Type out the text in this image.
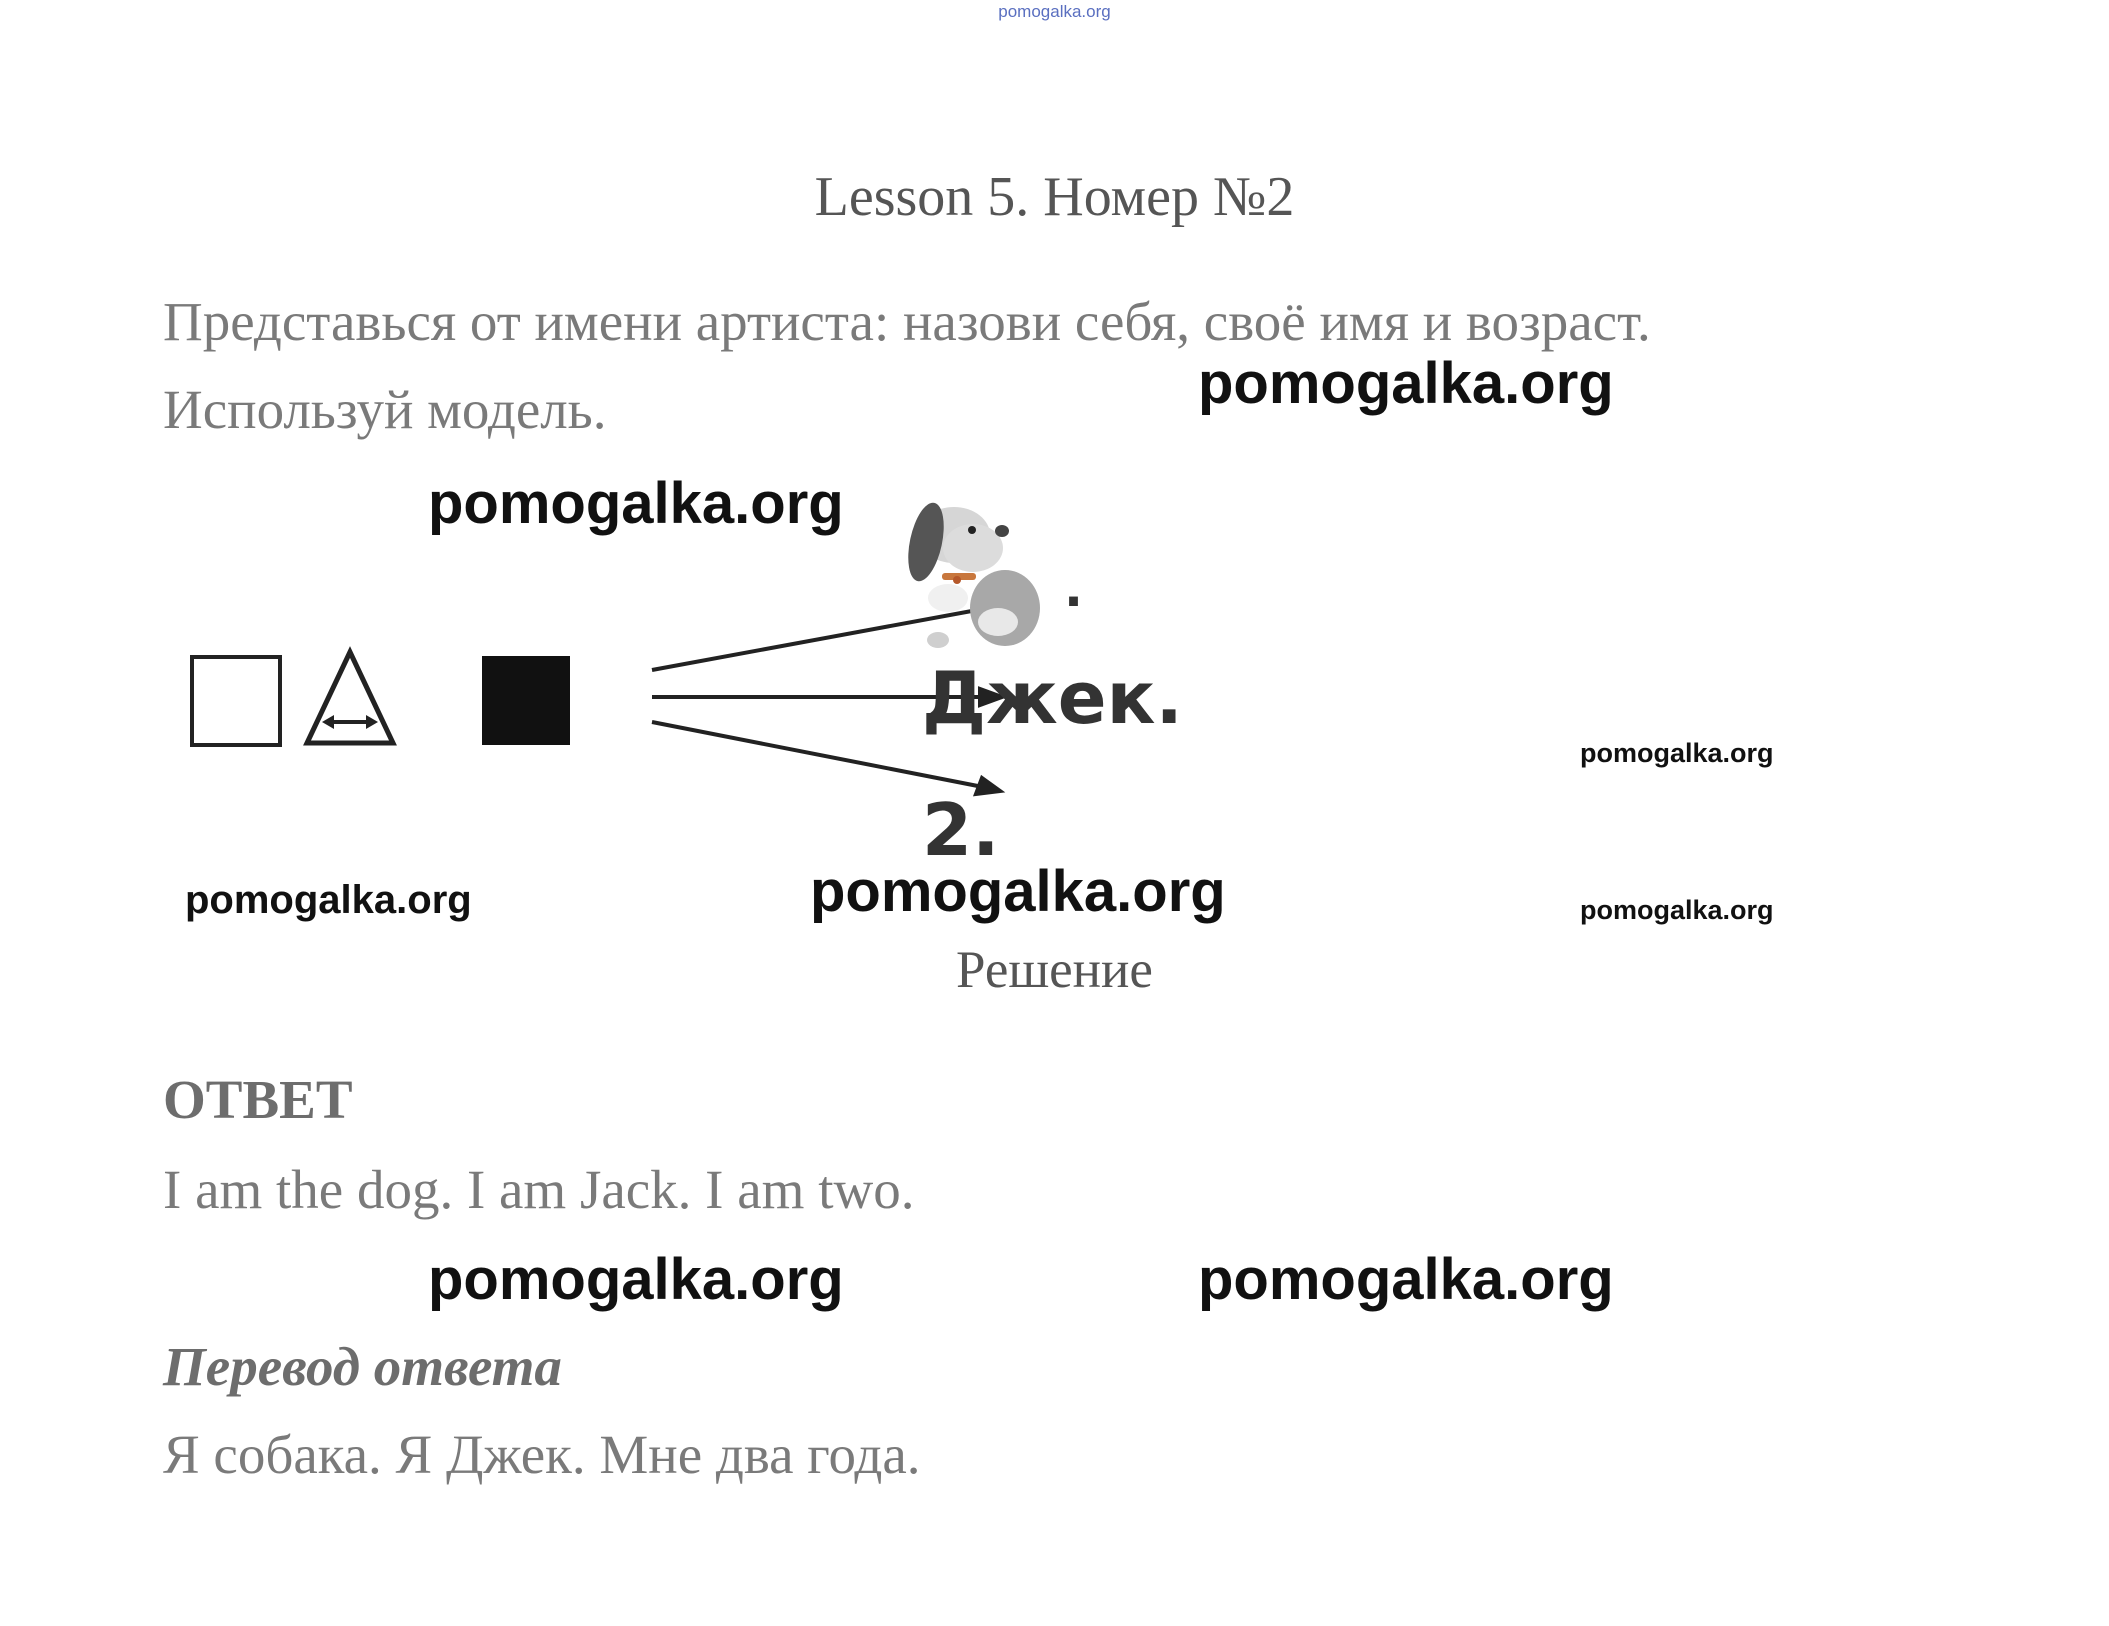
pomogalka.org
Lesson 5. Номер №2
Представься от имени артиста: назови себя, своё имя и возраст.
Используй модель.
.
Джек.
2.
pomogalka.org
pomogalka.org
pomogalka.org
pomogalka.org	pomogalka.org	pomogalka.org
pomogalka.org	pomogalka.org
Решение
ОТВЕТ
I am the dog. I am Jack. I am two.
Перевод ответа
Я собака. Я Джек. Мне два года.
